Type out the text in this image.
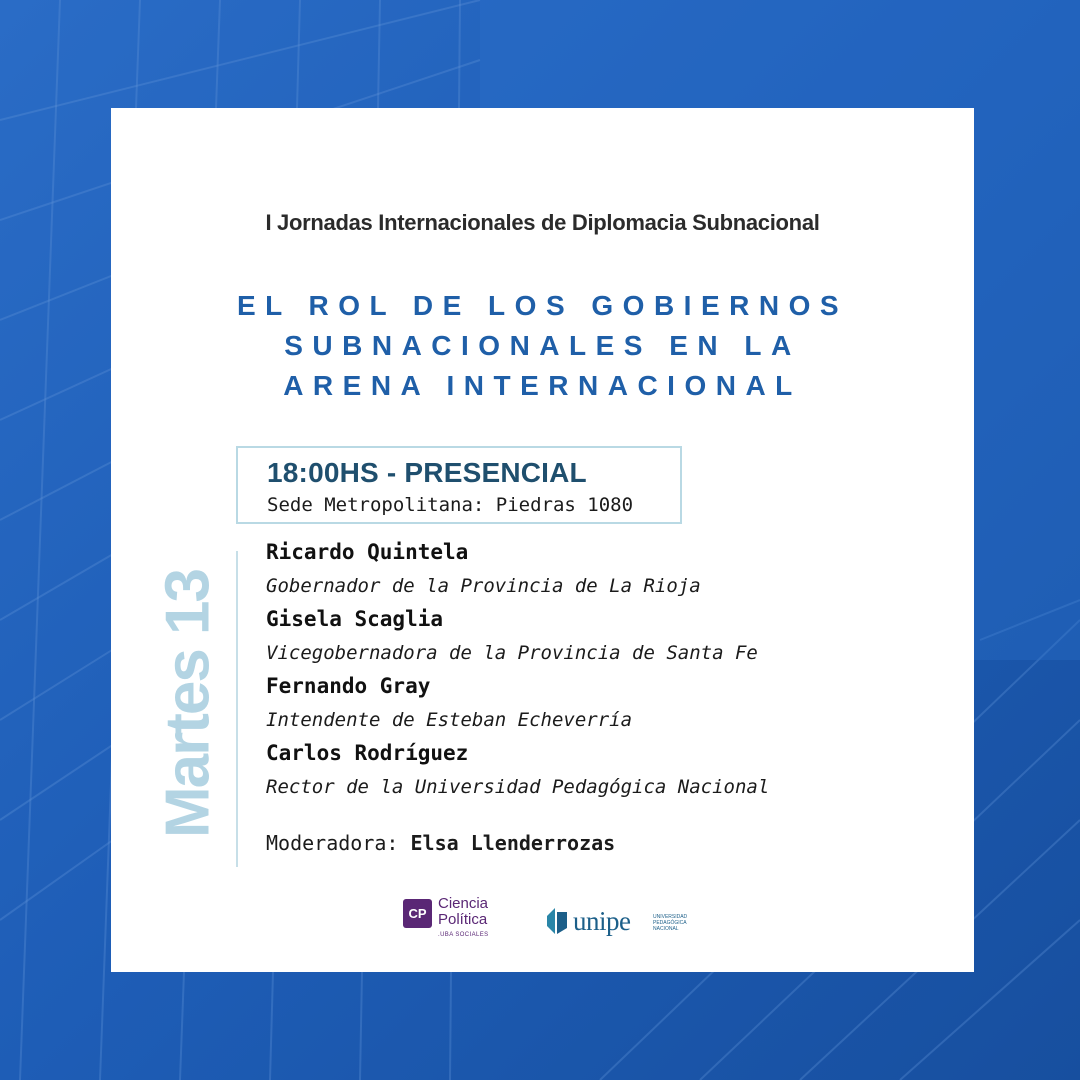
I Jornadas Internacionales de Diplomacia Subnacional
EL ROL DE LOS GOBIERNOS
SUBNACIONALES EN LA
ARENA INTERNACIONAL
18:00HS - PRESENCIAL
Sede Metropolitana: Piedras 1080
Martes 13
Ricardo Quintela
Gobernador de la Provincia de La Rioja
Gisela Scaglia
Vicegobernadora de la Provincia de Santa Fe
Fernando Gray
Intendente de Esteban Echeverría
Carlos Rodríguez
Rector de la Universidad Pedagógica Nacional
Moderadora: Elsa Llenderrozas
CP
Ciencia
Política
.UBA SOCIALES	unipe	UNIVERSIDAD
PEDAGÓGICA
NACIONAL
